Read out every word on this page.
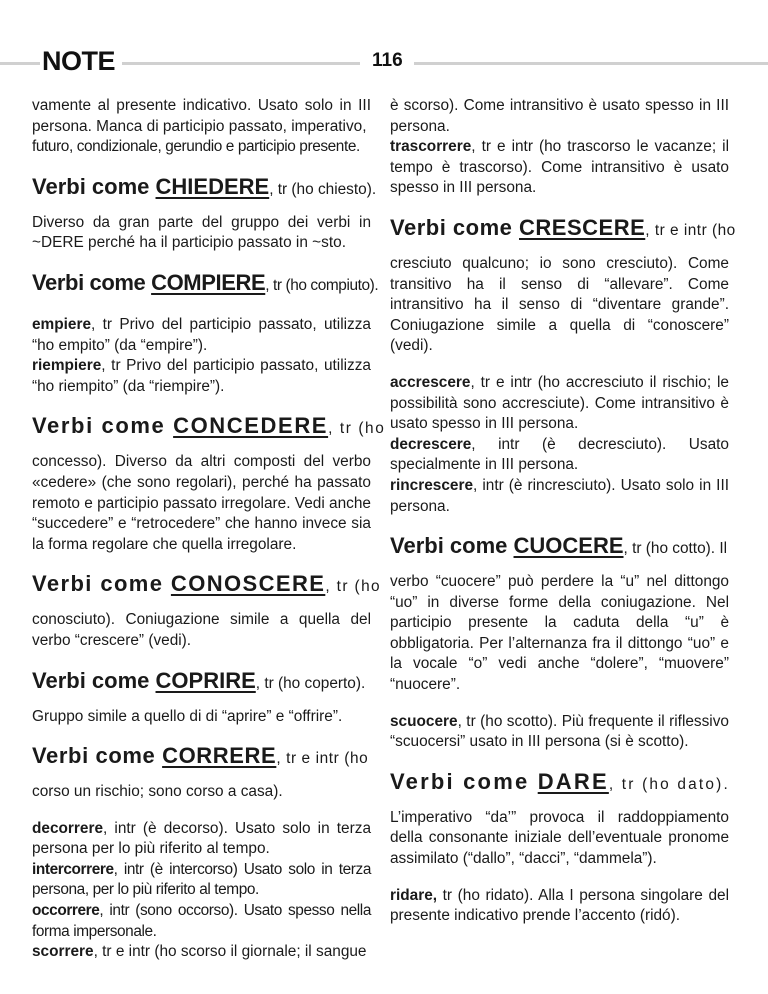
NOTE	116

vamente al presente indicativo. Usato solo in III persona. Manca di participio passato, imperativo,

futuro, condizionale, gerundio e participio presente.

Verbi come CHIEDERE, tr (ho chiesto).

Diverso da gran parte del gruppo dei verbi in ~DERE perché ha il participio passato in ~sto.

Verbi come COMPIERE, tr (ho compiuto).

empiere, tr Privo del participio passato, utilizza “ho empito” (da “empire”).

riempiere, tr Privo del participio passato, utilizza “ho riempito” (da “riempire”).

Verbi come CONCEDERE, tr (ho

concesso). Diverso da altri composti del verbo «cedere» (che sono regolari), perché ha passato remoto e participio passato irregolare. Vedi anche “succedere” e “retrocedere” che hanno invece sia la forma regolare che quella irregolare.

Verbi come CONOSCERE, tr (ho

conosciuto). Coniugazione simile a quella del verbo “crescere” (vedi).

Verbi come COPRIRE, tr (ho coperto).

Gruppo simile a quello di di “aprire” e “offrire”.

Verbi come CORRERE, tr e intr (ho

corso un rischio; sono corso a casa).

decorrere, intr (è decorso). Usato solo in terza persona per lo più riferito al tempo.

intercorrere, intr (è intercorso) Usato solo in terza persona, per lo più riferito al tempo.

occorrere, intr (sono occorso). Usato spesso nella forma impersonale.

scorrere, tr e intr (ho scorso il giornale; il sangue

è scorso). Come intransitivo è usato spesso in III persona.

trascorrere, tr e intr (ho trascorso le vacanze; il tempo è trascorso). Come intransitivo è usato spesso in III persona.

Verbi come CRESCERE, tr e intr (ho

cresciuto qualcuno; io sono cresciuto). Come transitivo ha il senso di “allevare”. Come intransitivo ha il senso di “diventare grande”. Coniugazione simile a quella di “conoscere” (vedi).

accrescere, tr e intr (ho accresciuto il rischio; le possibilità sono accresciute). Come intransitivo è usato spesso in III persona.

decrescere, intr (è decresciuto). Usato specialmente in III persona.

rincrescere, intr (è rincresciuto). Usato solo in III persona.

Verbi come CUOCERE, tr (ho cotto). Il

verbo “cuocere” può perdere la “u” nel dittongo “uo” in diverse forme della coniugazione. Nel participio presente la caduta della “u” è obbligatoria. Per l’alternanza fra il dittongo “uo” e la vocale “o” vedi anche “dolere”, “muovere” “nuocere”.

scuocere, tr (ho scotto). Più frequente il riflessivo “scuocersi” usato in III persona (si è scotto).

Verbi come DARE, tr (ho dato).

L’imperativo “da’” provoca il raddoppiamento della consonante iniziale dell’eventuale pronome assimilato (“dallo”, “dacci”, “dammela”).

ridare, tr (ho ridato). Alla I persona singolare del presente indicativo prende l’accento (ridó).
